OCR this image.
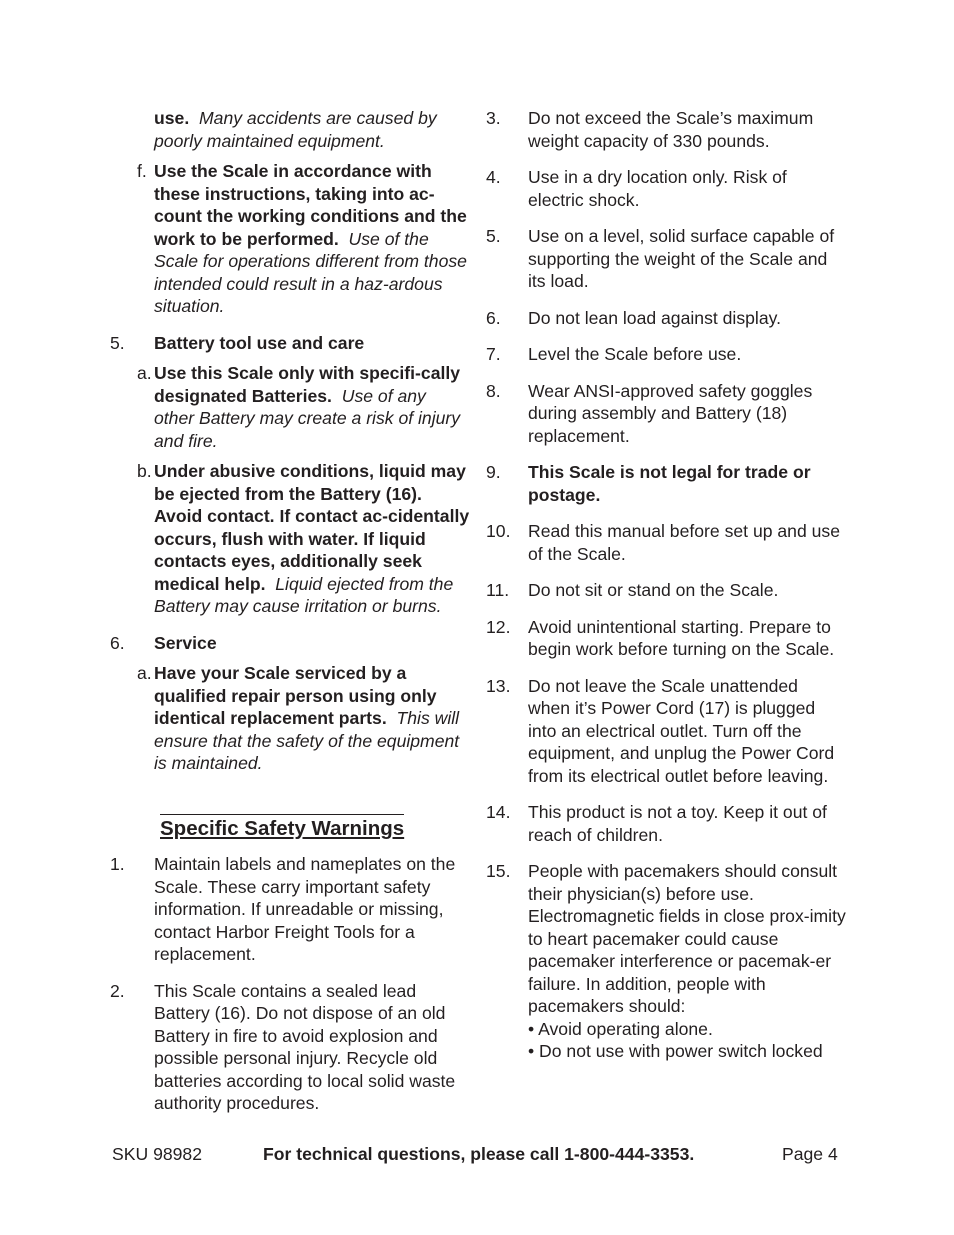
use. Many accidents are caused by poorly maintained equipment.
f. Use the Scale in accordance with these instructions, taking into ac-count the working conditions and the work to be performed. Use of the Scale for operations different from those intended could result in a haz-ardous situation.
5. Battery tool use and care
a. Use this Scale only with specifi-cally designated Batteries. Use of any other Battery may create a risk of injury and fire.
b. Under abusive conditions, liquid may be ejected from the Battery (16). Avoid contact. If contact ac-cidentally occurs, flush with water. If liquid contacts eyes, additionally seek medical help. Liquid ejected from the Battery may cause irritation or burns.
6. Service
a. Have your Scale serviced by a qualified repair person using only identical replacement parts. This will ensure that the safety of the equipment is maintained.
Specific Safety Warnings
1. Maintain labels and nameplates on the Scale. These carry important safety information. If unreadable or missing, contact Harbor Freight Tools for a replacement.
2. This Scale contains a sealed lead Battery (16). Do not dispose of an old Battery in fire to avoid explosion and possible personal injury. Recycle old batteries according to local solid waste authority procedures.
3. Do not exceed the Scale’s maximum weight capacity of 330 pounds.
4. Use in a dry location only. Risk of electric shock.
5. Use on a level, solid surface capable of supporting the weight of the Scale and its load.
6. Do not lean load against display.
7. Level the Scale before use.
8. Wear ANSI-approved safety goggles during assembly and Battery (18) replacement.
9. This Scale is not legal for trade or postage.
10. Read this manual before set up and use of the Scale.
11. Do not sit or stand on the Scale.
12. Avoid unintentional starting. Prepare to begin work before turning on the Scale.
13. Do not leave the Scale unattended when it’s Power Cord (17) is plugged into an electrical outlet. Turn off the equipment, and unplug the Power Cord from its electrical outlet before leaving.
14. This product is not a toy. Keep it out of reach of children.
15. People with pacemakers should consult their physician(s) before use. Electromagnetic fields in close prox-imity to heart pacemaker could cause pacemaker interference or pacemak-er failure. In addition, people with pacemakers should:
• Avoid operating alone.
• Do not use with power switch locked
SKU 98982	For technical questions, please call 1-800-444-3353.	Page 4
